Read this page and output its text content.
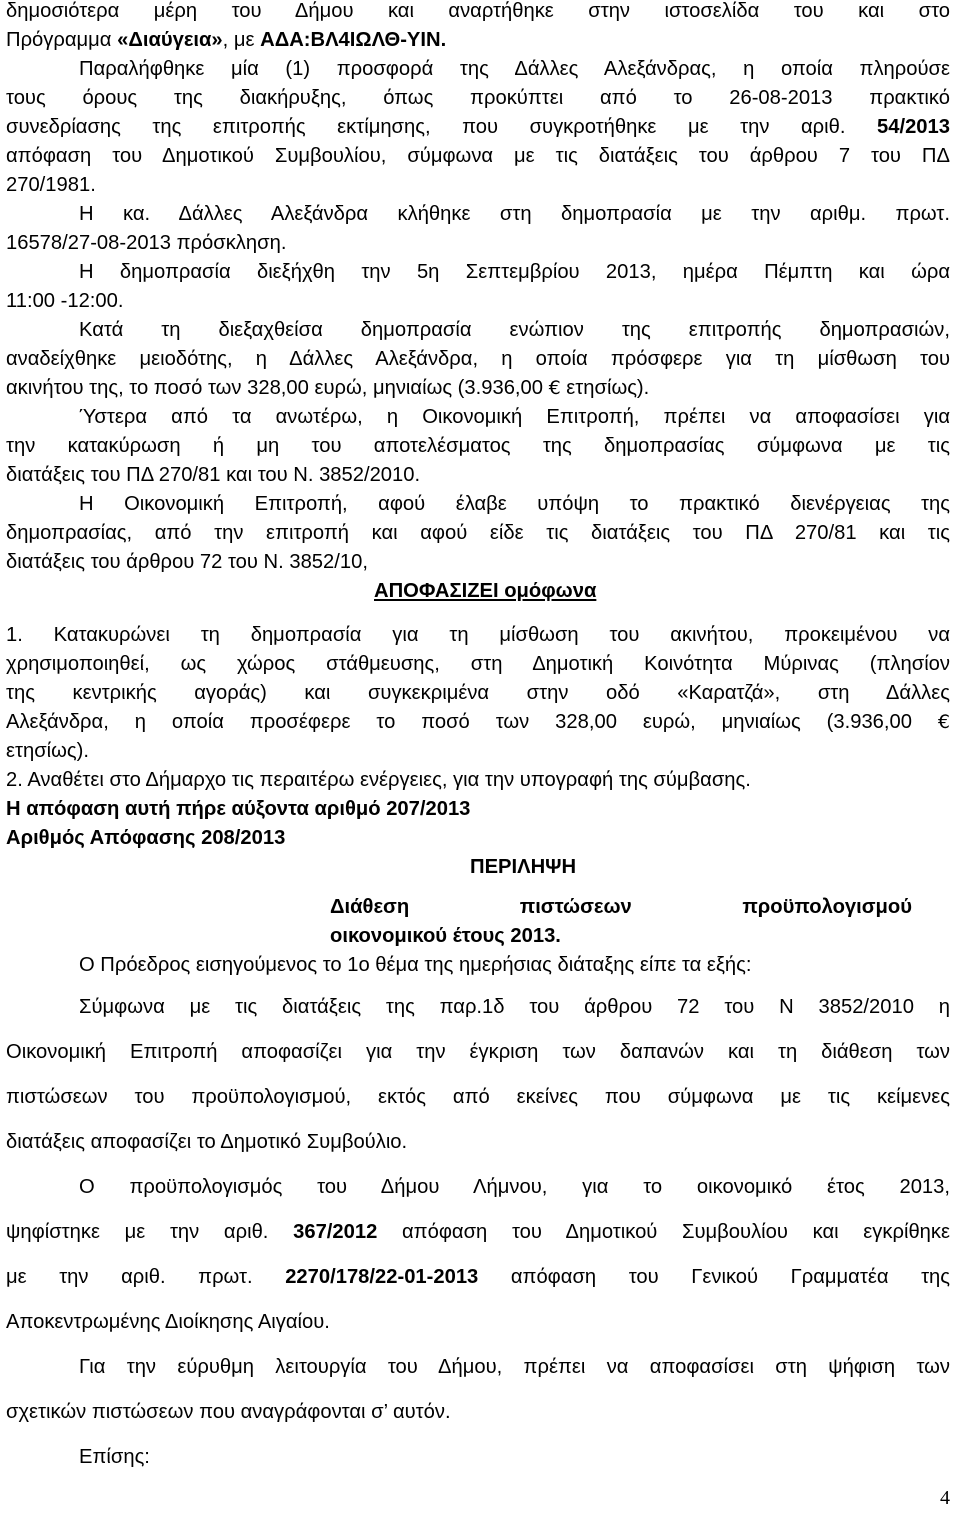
δημοσιότερα μέρη του Δήμου και αναρτήθηκε στην ιστοσελίδα του και στο
Πρόγραμμα «Διαύγεια», με ΑΔΑ:ΒΛ4ΙΩΛΘ-ΥΙΝ.
Παραλήφθηκε μία (1) προσφορά της Δάλλες Αλεξάνδρας, η οποία πληρούσε
τους όρους της διακήρυξης, όπως προκύπτει από το 26-08-2013 πρακτικό
συνεδρίασης της επιτροπής εκτίμησης, που συγκροτήθηκε με την αριθ. 54/2013
απόφαση του Δημοτικού Συμβουλίου, σύμφωνα με τις διατάξεις του άρθρου 7 του ΠΔ
270/1981.
Η κα. Δάλλες Αλεξάνδρα κλήθηκε στη δημοπρασία με την αριθμ. πρωτ.
16578/27-08-2013 πρόσκληση.
Η δημοπρασία διεξήχθη την 5η Σεπτεμβρίου 2013, ημέρα Πέμπτη και ώρα
11:00 -12:00.
Κατά τη διεξαχθείσα δημοπρασία ενώπιον της επιτροπής δημοπρασιών,
αναδείχθηκε μειοδότης, η Δάλλες Αλεξάνδρα, η οποία πρόσφερε για τη μίσθωση του
ακινήτου της, το ποσό των 328,00 ευρώ, μηνιαίως (3.936,00 € ετησίως).
Ύστερα από τα ανωτέρω, η Οικονομική Επιτροπή, πρέπει να αποφασίσει για
την κατακύρωση ή μη του αποτελέσματος της δημοπρασίας σύμφωνα με τις
διατάξεις του ΠΔ 270/81 και του Ν. 3852/2010.
Η Οικονομική Επιτροπή, αφού έλαβε υπόψη το πρακτικό διενέργειας της
δημοπρασίας, από την επιτροπή και αφού είδε τις διατάξεις του ΠΔ 270/81 και τις
διατάξεις του άρθρου 72 του Ν. 3852/10,
ΑΠΟΦΑΣΙΖΕΙ ομόφωνα
1. Κατακυρώνει τη δημοπρασία για τη μίσθωση του ακινήτου, προκειμένου να
χρησιμοποιηθεί, ως χώρος στάθμευσης, στη Δημοτική Κοινότητα Μύρινας (πλησίον
της κεντρικής αγοράς) και συγκεκριμένα στην οδό «Καρατζά», στη Δάλλες
Αλεξάνδρα, η οποία προσέφερε το ποσό των 328,00 ευρώ, μηνιαίως (3.936,00 €
ετησίως).
2. Αναθέτει στο Δήμαρχο τις περαιτέρω ενέργειες, για την υπογραφή της σύμβασης.
Η απόφαση αυτή πήρε αύξοντα αριθμό 207/2013
Αριθμός Απόφασης 208/2013
ΠΕΡΙΛΗΨΗ
Διάθεση	πιστώσεων	προϋπολογισμού
οικονομικού έτους 2013.
Ο Πρόεδρος εισηγούμενος το 1ο θέμα της ημερήσιας διάταξης είπε τα εξής:
Σύμφωνα με τις διατάξεις της παρ.1δ του άρθρου 72 του Ν 3852/2010 η
Οικονομική Επιτροπή αποφασίζει για την έγκριση των δαπανών και τη διάθεση των
πιστώσεων του προϋπολογισμού, εκτός από εκείνες που σύμφωνα με τις κείμενες
διατάξεις αποφασίζει το Δημοτικό Συμβούλιο.
Ο προϋπολογισμός του Δήμου Λήμνου, για το οικονομικό έτος 2013,
ψηφίστηκε με την αριθ. 367/2012 απόφαση του Δημοτικού Συμβουλίου και εγκρίθηκε
με την αριθ. πρωτ. 2270/178/22-01-2013 απόφαση του Γενικού Γραμματέα της
Αποκεντρωμένης Διοίκησης Αιγαίου.
Για την εύρυθμη λειτουργία του Δήμου, πρέπει να αποφασίσει στη ψήφιση των
σχετικών πιστώσεων που αναγράφονται σ’ αυτόν.
Επίσης:
4
